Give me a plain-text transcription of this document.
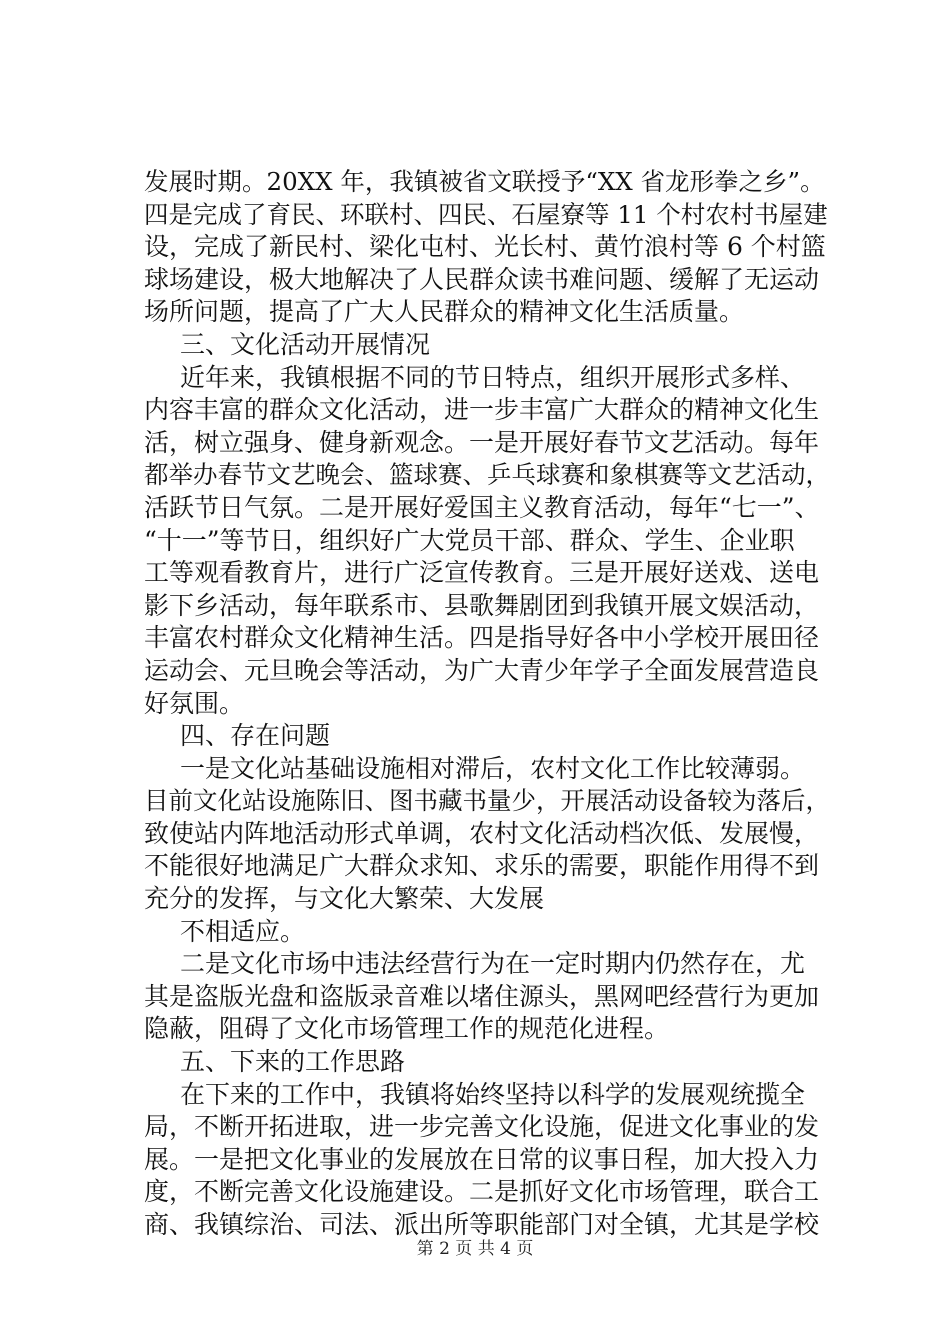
发展时期。20XX 年，我镇被省文联授予“XX 省龙形拳之乡”。
四是完成了育民、环联村、四民、石屋寮等 11 个村农村书屋建
设，完成了新民村、梁化屯村、光长村、黄竹浪村等 6 个村篮
球场建设，极大地解决了人民群众读书难问题、缓解了无运动
场所问题，提高了广大人民群众的精神文化生活质量。
三、文化活动开展情况
近年来，我镇根据不同的节日特点，组织开展形式多样、
内容丰富的群众文化活动，进一步丰富广大群众的精神文化生
活，树立强身、健身新观念。一是开展好春节文艺活动。每年
都举办春节文艺晚会、篮球赛、乒乓球赛和象棋赛等文艺活动，
活跃节日气氛。二是开展好爱国主义教育活动，每年“七一”、
“十一”等节日，组织好广大党员干部、群众、学生、企业职
工等观看教育片，进行广泛宣传教育。三是开展好送戏、送电
影下乡活动，每年联系市、县歌舞剧团到我镇开展文娱活动，
丰富农村群众文化精神生活。四是指导好各中小学校开展田径
运动会、元旦晚会等活动，为广大青少年学子全面发展营造良
好氛围。
四、存在问题
一是文化站基础设施相对滞后，农村文化工作比较薄弱。
目前文化站设施陈旧、图书藏书量少，开展活动设备较为落后，
致使站内阵地活动形式单调，农村文化活动档次低、发展慢，
不能很好地满足广大群众求知、求乐的需要，职能作用得不到
充分的发挥，与文化大繁荣、大发展
不相适应。
二是文化市场中违法经营行为在一定时期内仍然存在，尤
其是盗版光盘和盗版录音难以堵住源头，黑网吧经营行为更加
隐蔽，阻碍了文化市场管理工作的规范化进程。
五、下来的工作思路
在下来的工作中，我镇将始终坚持以科学的发展观统揽全
局，不断开拓进取，进一步完善文化设施，促进文化事业的发
展。一是把文化事业的发展放在日常的议事日程，加大投入力
度，不断完善文化设施建设。二是抓好文化市场管理，联合工
商、我镇综治、司法、派出所等职能部门对全镇，尤其是学校
第 2 页 共 4 页
